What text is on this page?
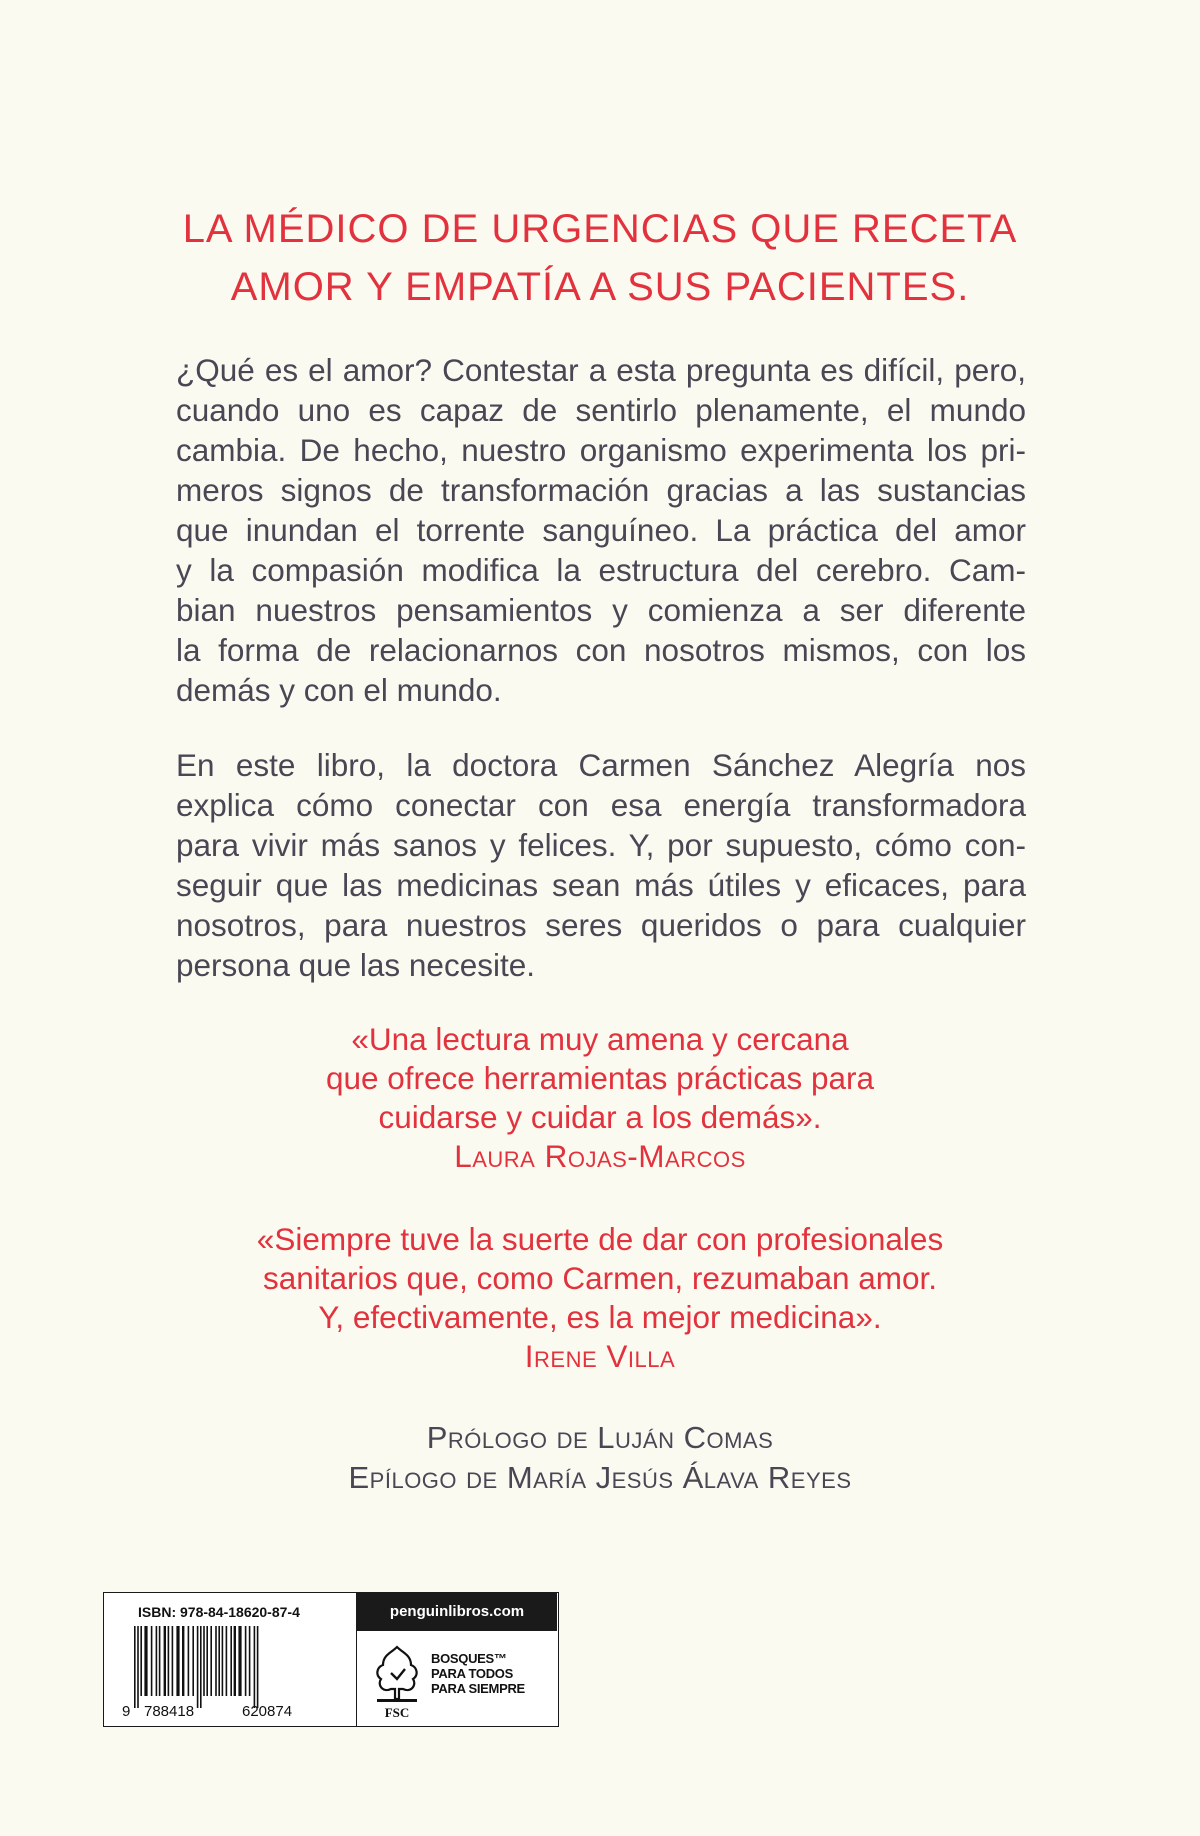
LA MÉDICO DE URGENCIAS QUE RECETA
AMOR Y EMPATÍA A SUS PACIENTES.
¿Qué es el amor? Contestar a esta pregunta es difícil, pero,
cuando uno es capaz de sentirlo plenamente, el mundo
cambia. De hecho, nuestro organismo experimenta los pri-
meros signos de transformación gracias a las sustancias
que inundan el torrente sanguíneo. La práctica del amor
y la compasión modifica la estructura del cerebro. Cam-
bian nuestros pensamientos y comienza a ser diferente
la forma de relacionarnos con nosotros mismos, con los
demás y con el mundo.
En este libro, la doctora Carmen Sánchez Alegría nos
explica cómo conectar con esa energía transformadora
para vivir más sanos y felices. Y, por supuesto, cómo con-
seguir que las medicinas sean más útiles y eficaces, para
nosotros, para nuestros seres queridos o para cualquier
persona que las necesite.
«Una lectura muy amena y cercana
que ofrece herramientas prácticas para
cuidarse y cuidar a los demás».
Laura Rojas-Marcos
«Siempre tuve la suerte de dar con profesionales
sanitarios que, como Carmen, rezumaban amor.
Y, efectivamente, es la mejor medicina».
Irene Villa
Prólogo de Luján Comas
Epílogo de María Jesús Álava Reyes
ISBN: 978-84-18620-87-4
9 788418	620874
penguinlibros.com
FSC
BOSQUES™
PARA TODOS
PARA SIEMPRE
